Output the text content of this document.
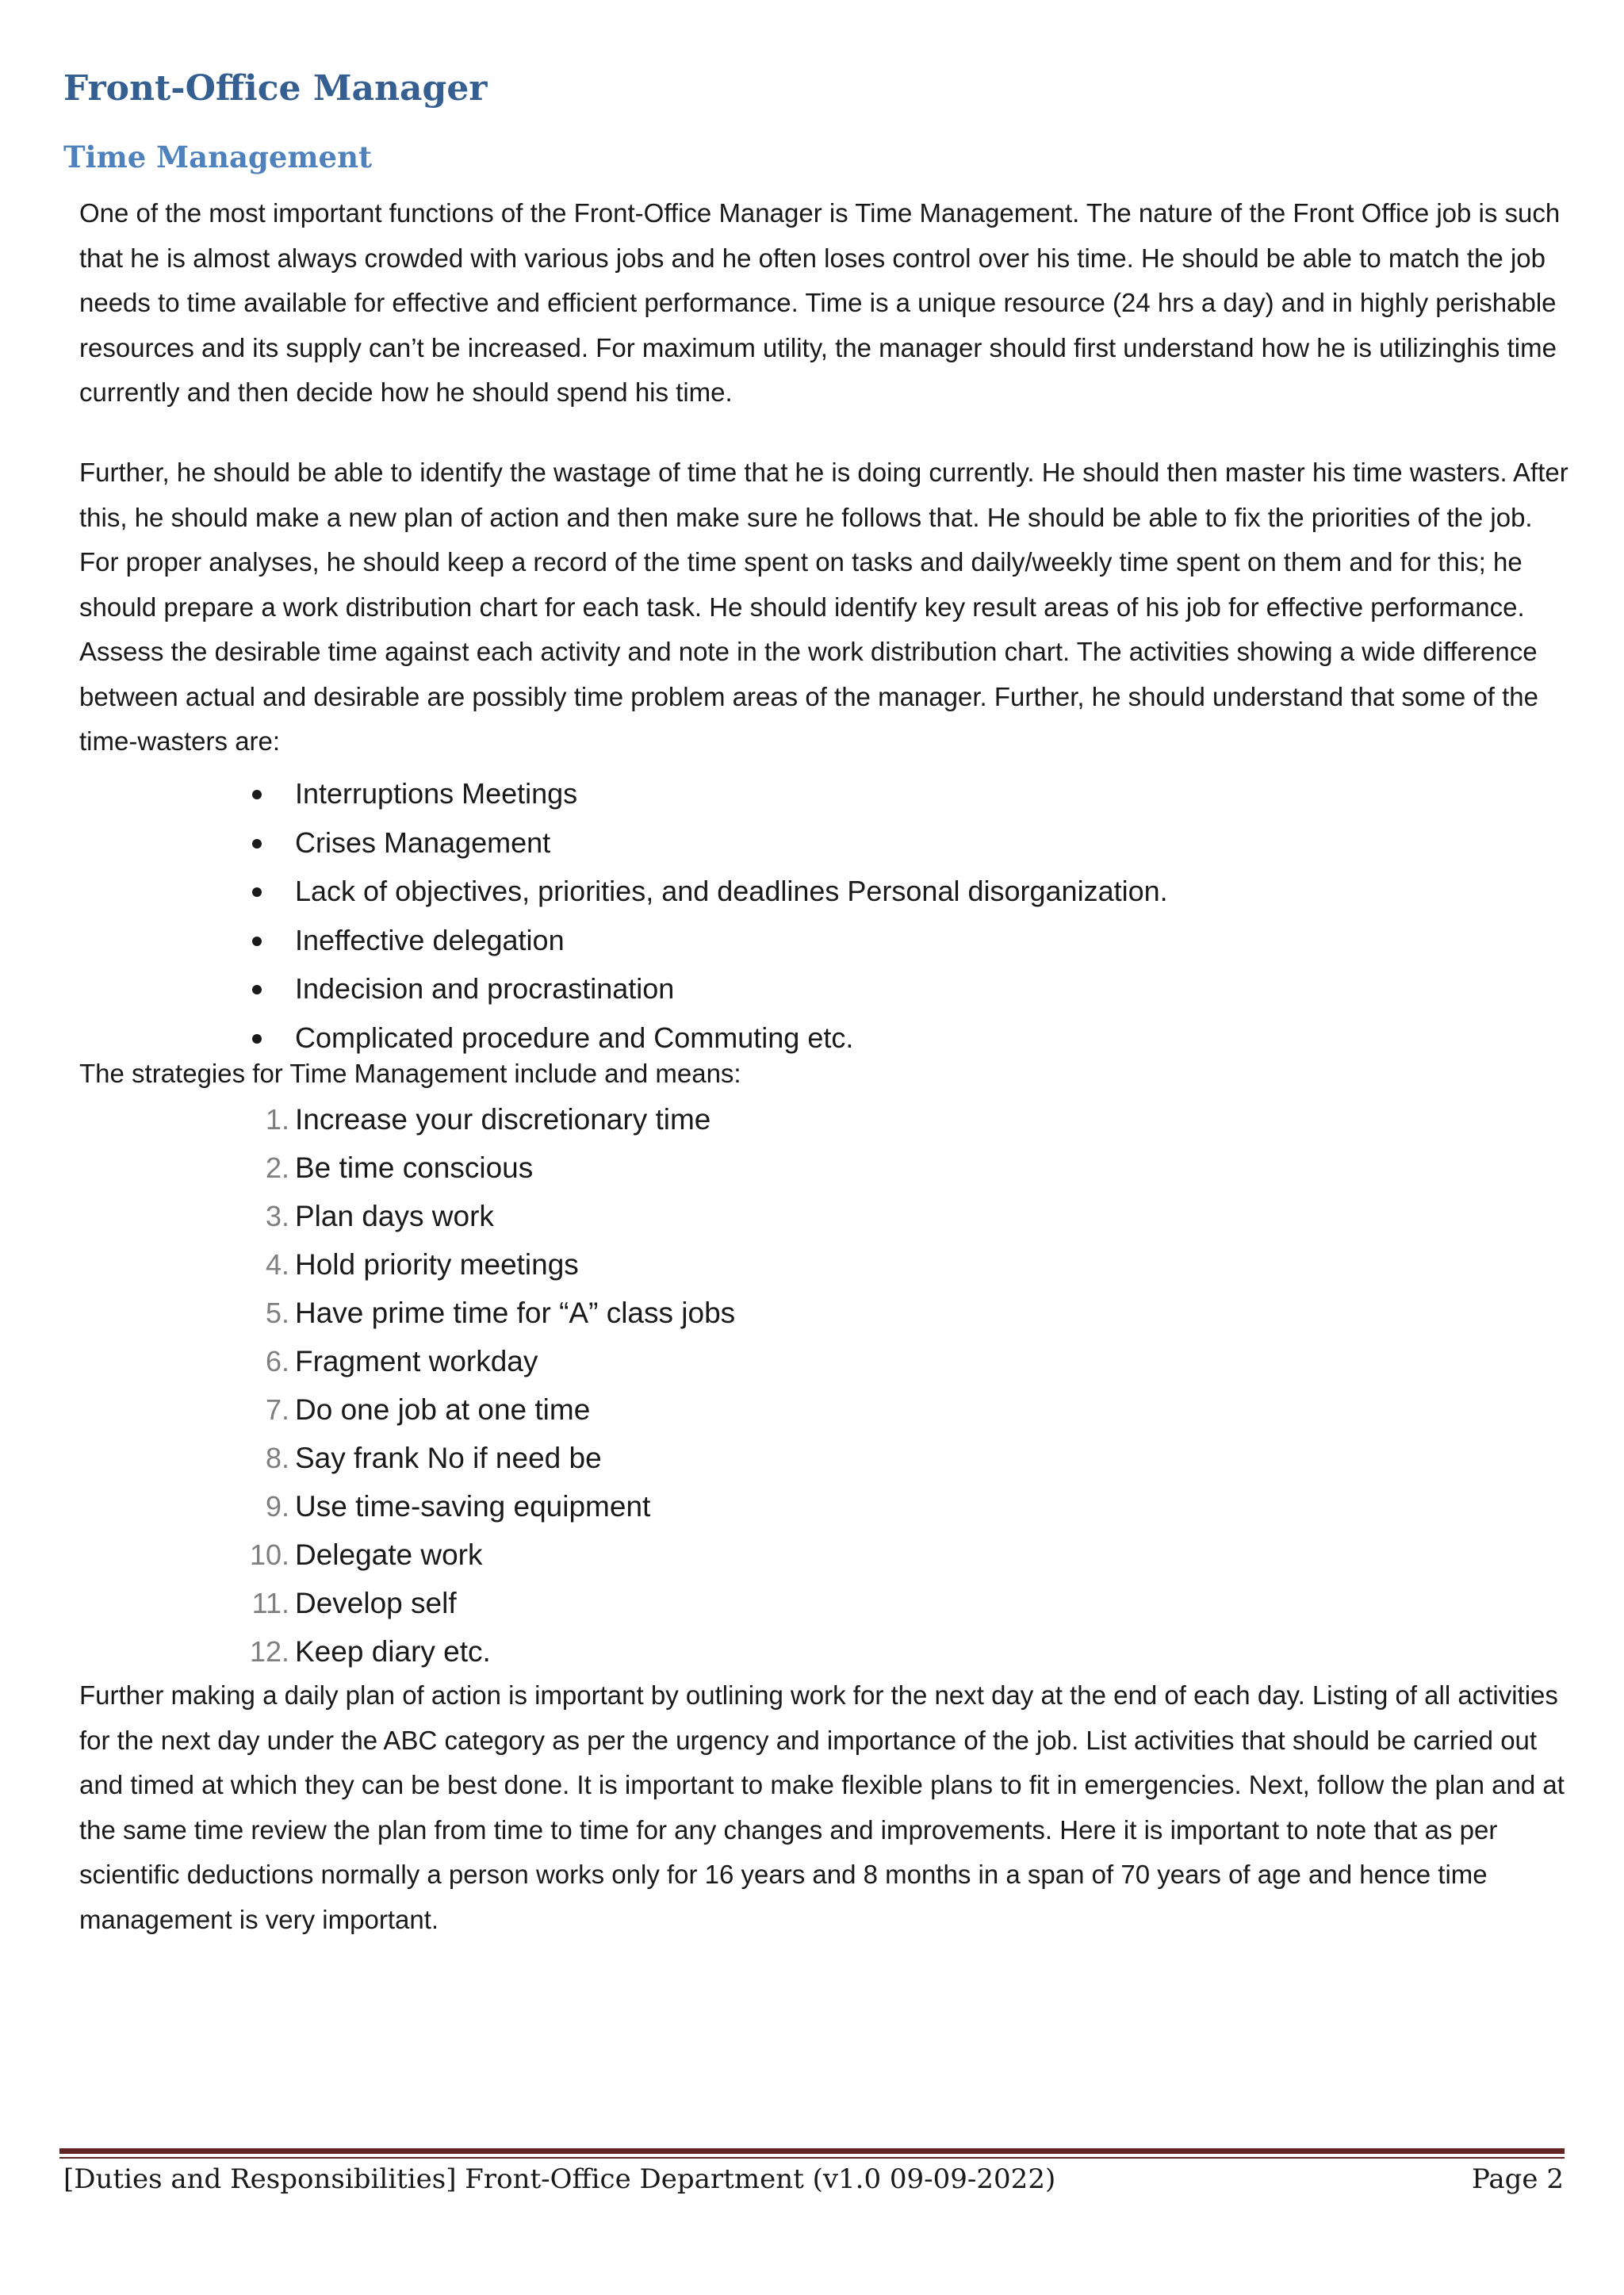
Front-Office Manager
Time Management

One of the most important functions of the Front-Office Manager is Time Management. The nature of the Front Office job is such that he is almost always crowded with various jobs and he often loses control over his time. He should be able to match the job needs to time available for effective and efficient performance. Time is a unique resource (24 hrs a day) and in highly perishable resources and its supply can’t be increased. For maximum utility, the manager should first understand how he is utilizinghis time currently and then decide how he should spend his time.

Further, he should be able to identify the wastage of time that he is doing currently. He should then master his time wasters. After this, he should make a new plan of action and then make sure he follows that. He should be able to fix the priorities of the job. For proper analyses, he should keep a record of the time spent on tasks and daily/weekly time spent on them and for this; he should prepare a work distribution chart for each task. He should identify key result areas of his job for effective performance. Assess the desirable time against each activity and note in the work distribution chart. The activities showing a wide difference between actual and desirable are possibly time problem areas of the manager. Further, he should understand that some of the time-wasters are:

Interruptions Meetings
Crises Management
Lack of objectives, priorities, and deadlines Personal disorganization.
Ineffective delegation
Indecision and procrastination
Complicated procedure and Commuting etc.
The strategies for Time Management include and means:
1. Increase your discretionary time
2. Be time conscious
3. Plan days work
4. Hold priority meetings
5. Have prime time for “A” class jobs
6. Fragment workday
7. Do one job at one time
8. Say frank No if need be
9. Use time-saving equipment
10. Delegate work
11. Develop self
12. Keep diary etc.

Further making a daily plan of action is important by outlining work for the next day at the end of each day. Listing of all activities for the next day under the ABC category as per the urgency and importance of the job. List activities that should be carried out and timed at which they can be best done. It is important to make flexible plans to fit in emergencies. Next, follow the plan and at the same time review the plan from time to time for any changes and improvements. Here it is important to note that as per scientific deductions normally a person works only for 16 years and 8 months in a span of 70 years of age and hence time management is very important.

[Duties and Responsibilities] Front-Office Department (v1.0 09-09-2022)	Page 2
